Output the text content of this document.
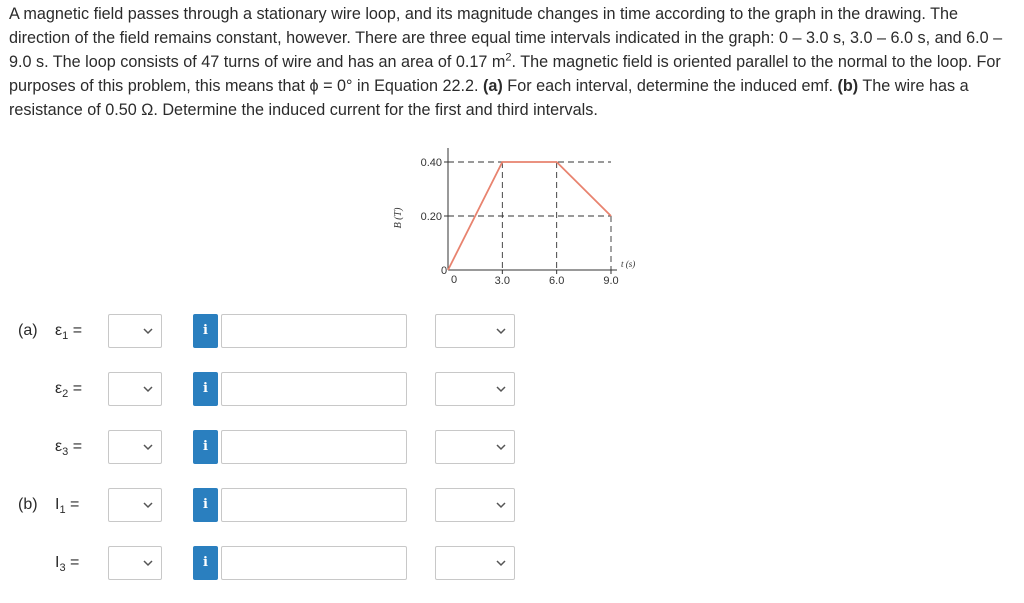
A magnetic field passes through a stationary wire loop, and its magnitude changes in time according to the graph in the drawing. The direction of the field remains constant, however. There are three equal time intervals indicated in the graph: 0 – 3.0 s, 3.0 – 6.0 s, and 6.0 – 9.0 s. The loop consists of 47 turns of wire and has an area of 0.17 $m^2$. The magnetic field is oriented parallel to the normal to the loop. For purposes of this problem, this means that ϕ = 0° in Equation 22.2. (a) For each interval, determine the induced emf. (b) The wire has a resistance of 0.50 Ω. Determine the induced current for the first and third intervals.

0.40
0.20
3.0	6.0	9.0
0
0
B (T)
t (s)
(a) $\varepsilon_1$ =	i
$\varepsilon_2$ =	i
$\varepsilon_3$ =	i
(b) $I_1$ =	i
$I_3$ =	i
